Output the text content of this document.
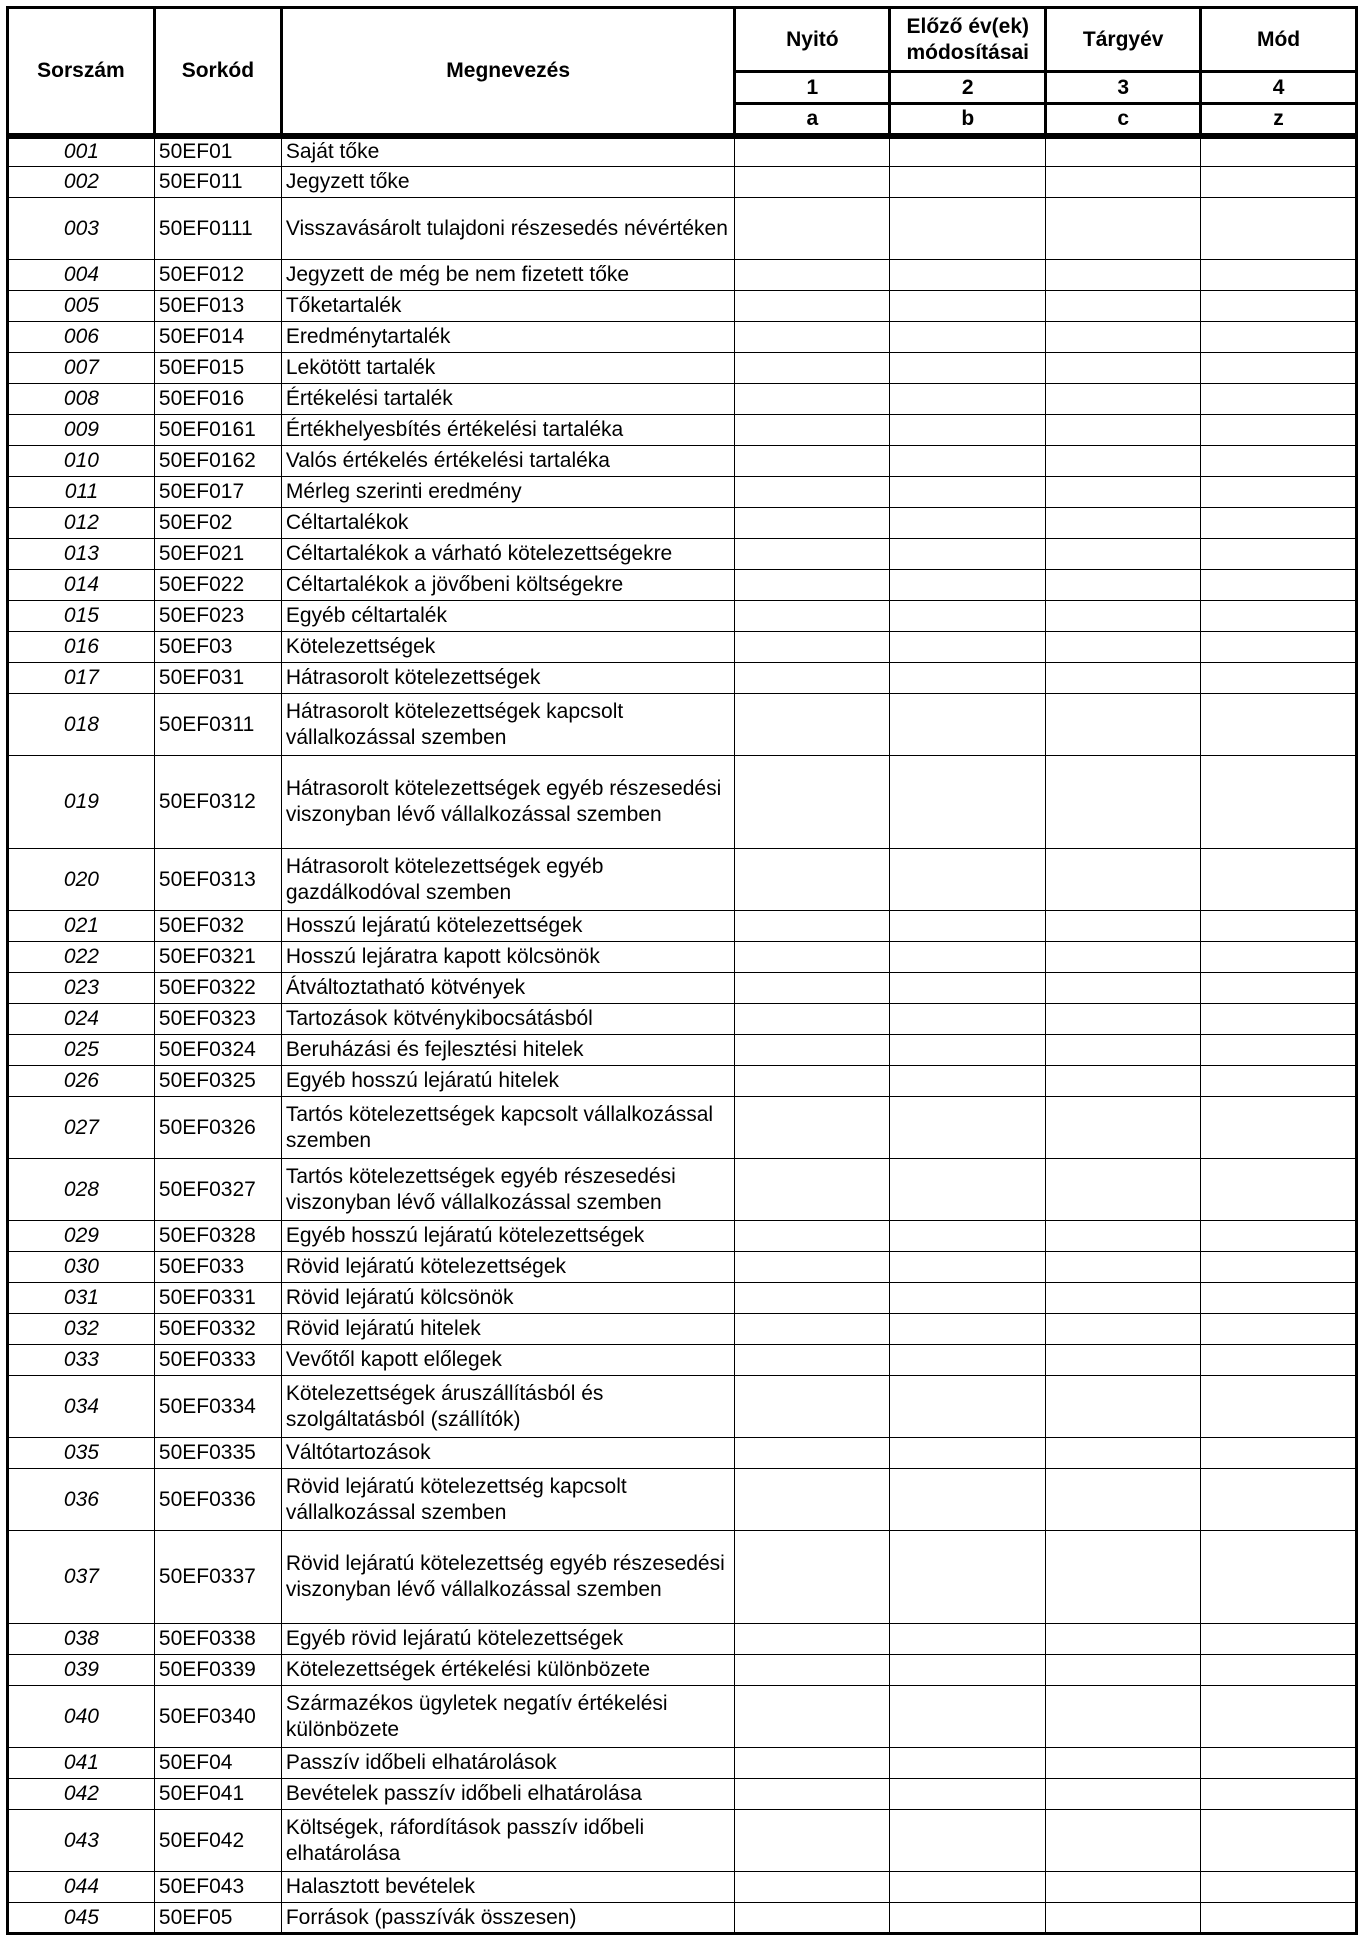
Sorszám	Sorkód	Megnevezés	Nyitó	Előző év(ek) módosításai	Tárgyév	Mód
			1	2	3	4
			a	b	c	z
001	50EF01	Saját tőke				
002	50EF011	Jegyzett tőke				
003	50EF0111	Visszavásárolt tulajdoni részesedés névértéken				
004	50EF012	Jegyzett de még be nem fizetett tőke				
005	50EF013	Tőketartalék				
006	50EF014	Eredménytartalék				
007	50EF015	Lekötött tartalék				
008	50EF016	Értékelési tartalék				
009	50EF0161	Értékhelyesbítés értékelési tartaléka				
010	50EF0162	Valós értékelés értékelési tartaléka				
011	50EF017	Mérleg szerinti eredmény				
012	50EF02	Céltartalékok				
013	50EF021	Céltartalékok a várható kötelezettségekre				
014	50EF022	Céltartalékok a jövőbeni költségekre				
015	50EF023	Egyéb céltartalék				
016	50EF03	Kötelezettségek				
017	50EF031	Hátrasorolt kötelezettségek				
018	50EF0311	Hátrasorolt kötelezettségek kapcsolt vállalkozással szemben				
019	50EF0312	Hátrasorolt kötelezettségek egyéb részesedési viszonyban lévő vállalkozással szemben				
020	50EF0313	Hátrasorolt kötelezettségek egyéb gazdálkodóval szemben				
021	50EF032	Hosszú lejáratú kötelezettségek				
022	50EF0321	Hosszú lejáratra kapott kölcsönök				
023	50EF0322	Átváltoztatható kötvények				
024	50EF0323	Tartozások kötvénykibocsátásból				
025	50EF0324	Beruházási és fejlesztési hitelek				
026	50EF0325	Egyéb hosszú lejáratú hitelek				
027	50EF0326	Tartós kötelezettségek kapcsolt vállalkozással szemben				
028	50EF0327	Tartós kötelezettségek egyéb részesedési viszonyban lévő vállalkozással szemben				
029	50EF0328	Egyéb hosszú lejáratú kötelezettségek				
030	50EF033	Rövid lejáratú kötelezettségek				
031	50EF0331	Rövid lejáratú kölcsönök				
032	50EF0332	Rövid lejáratú hitelek				
033	50EF0333	Vevőtől kapott előlegek				
034	50EF0334	Kötelezettségek áruszállításból és szolgáltatásból (szállítók)				
035	50EF0335	Váltótartozások				
036	50EF0336	Rövid lejáratú kötelezettség kapcsolt vállalkozással szemben				
037	50EF0337	Rövid lejáratú kötelezettség egyéb részesedési viszonyban lévő vállalkozással szemben				
038	50EF0338	Egyéb rövid lejáratú kötelezettségek				
039	50EF0339	Kötelezettségek értékelési különbözete				
040	50EF0340	Származékos ügyletek negatív értékelési különbözete				
041	50EF04	Passzív időbeli elhatárolások				
042	50EF041	Bevételek passzív időbeli elhatárolása				
043	50EF042	Költségek, ráfordítások passzív időbeli elhatárolása				
044	50EF043	Halasztott bevételek				
045	50EF05	Források (passzívák összesen)				
